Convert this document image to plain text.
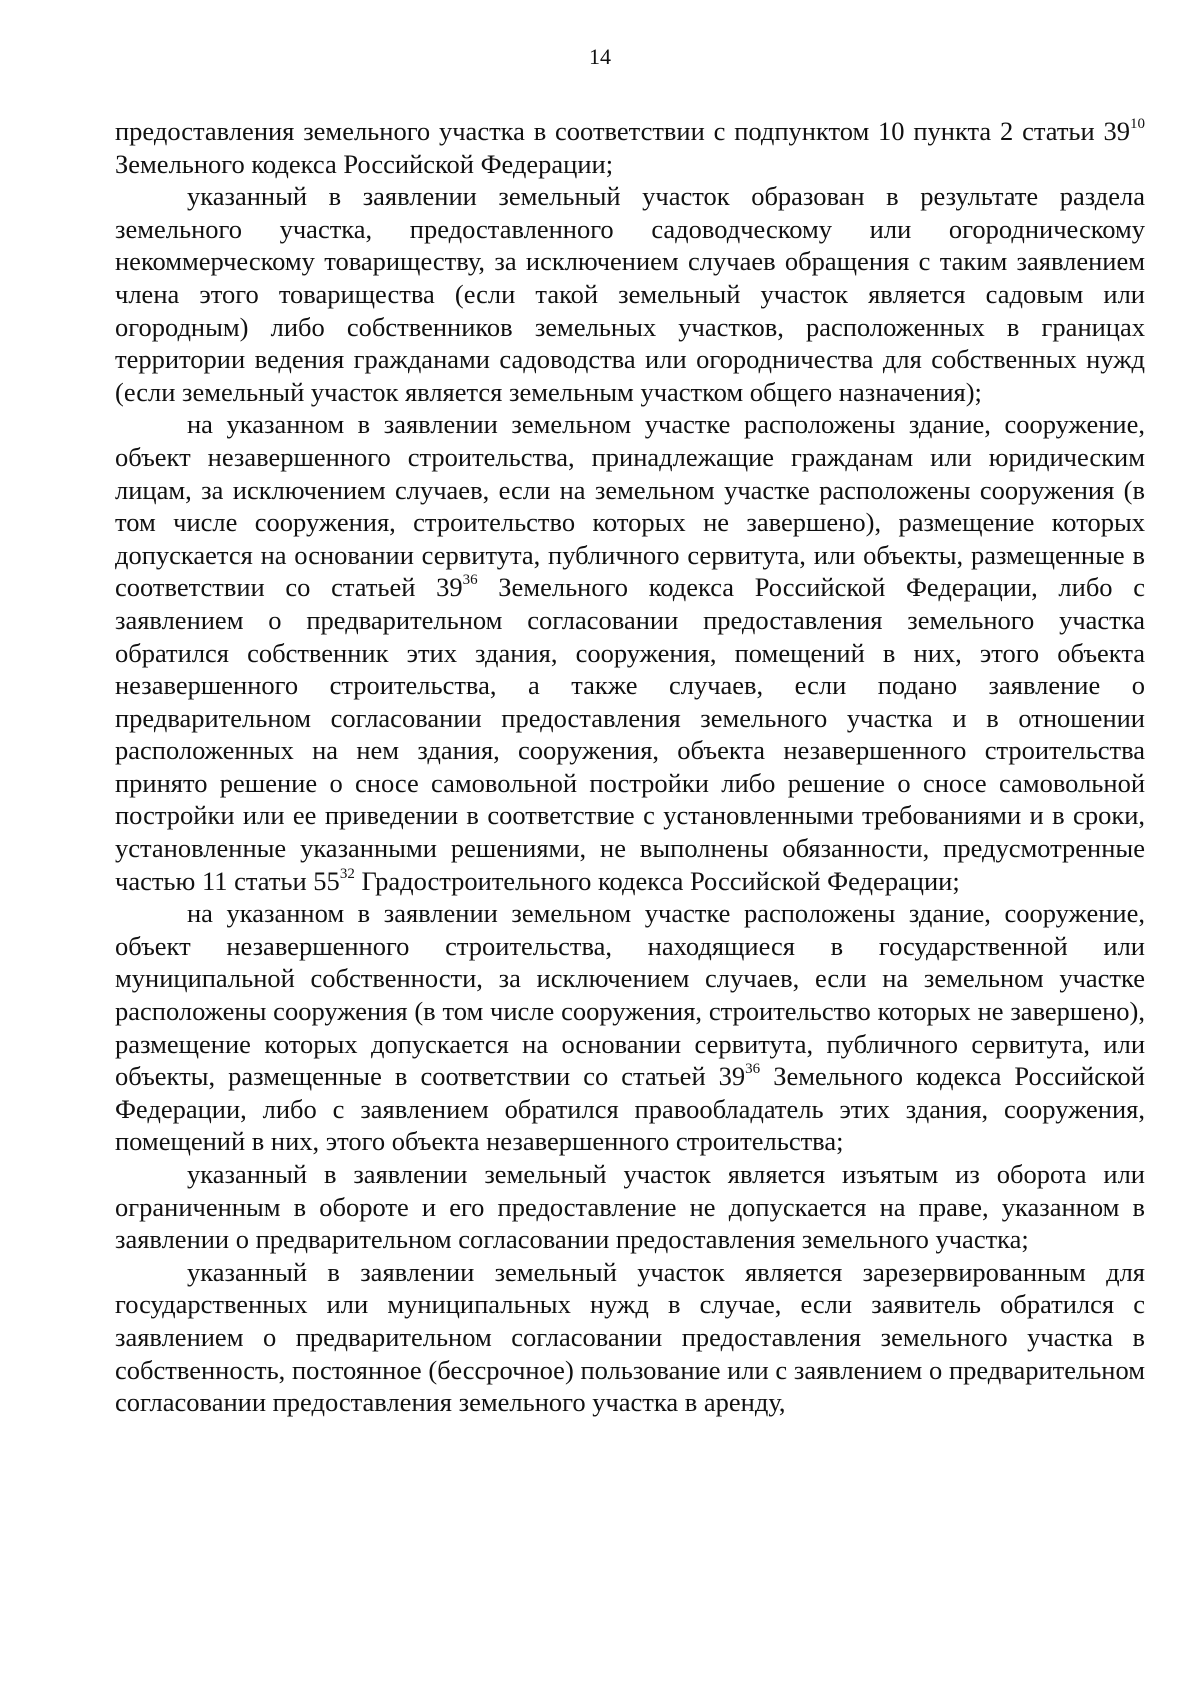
14

предоставления земельного участка в соответствии с подпунктом 10 пункта 2 статьи $39^{10}$ Земельного кодекса Российской Федерации;

указанный в заявлении земельный участок образован в результате раздела земельного участка, предоставленного садоводческому или огородническому некоммерческому товариществу, за исключением случаев обращения с таким заявлением члена этого товарищества (если такой земельный участок является садовым или огородным) либо собственников земельных участков, расположенных в границах территории ведения гражданами садоводства или огородничества для собственных нужд (если земельный участок является земельным участком общего назначения);

на указанном в заявлении земельном участке расположены здание, сооружение, объект незавершенного строительства, принадлежащие гражданам или юридическим лицам, за исключением случаев, если на земельном участке расположены сооружения (в том числе сооружения, строительство которых не завершено), размещение которых допускается на основании сервитута, публичного сервитута, или объекты, размещенные в соответствии со статьей $39^{36}$ Земельного кодекса Российской Федерации, либо с заявлением о предварительном согласовании предоставления земельного участка обратился собственник этих здания, сооружения, помещений в них, этого объекта незавершенного строительства, а также случаев, если подано заявление о предварительном согласовании предоставления земельного участка и в отношении расположенных на нем здания, сооружения, объекта незавершенного строительства принято решение о сносе самовольной постройки либо решение о сносе самовольной постройки или ее приведении в соответствие с установленными требованиями и в сроки, установленные указанными решениями, не выполнены обязанности, предусмотренные частью 11 статьи $55^{32}$ Градостроительного кодекса Российской Федерации;

на указанном в заявлении земельном участке расположены здание, сооружение, объект незавершенного строительства, находящиеся в государственной или муниципальной собственности, за исключением случаев, если на земельном участке расположены сооружения (в том числе сооружения, строительство которых не завершено), размещение которых допускается на основании сервитута, публичного сервитута, или объекты, размещенные в соответствии со статьей $39^{36}$ Земельного кодекса Российской Федерации, либо с заявлением обратился правообладатель этих здания, сооружения, помещений в них, этого объекта незавершенного строительства;

указанный в заявлении земельный участок является изъятым из оборота или ограниченным в обороте и его предоставление не допускается на праве, указанном в заявлении о предварительном согласовании предоставления земельного участка;

указанный в заявлении земельный участок является зарезервированным для государственных или муниципальных нужд в случае, если заявитель обратился с заявлением о предварительном согласовании предоставления земельного участка в собственность, постоянное (бессрочное) пользование или с заявлением о предварительном согласовании предоставления земельного участка в аренду,
